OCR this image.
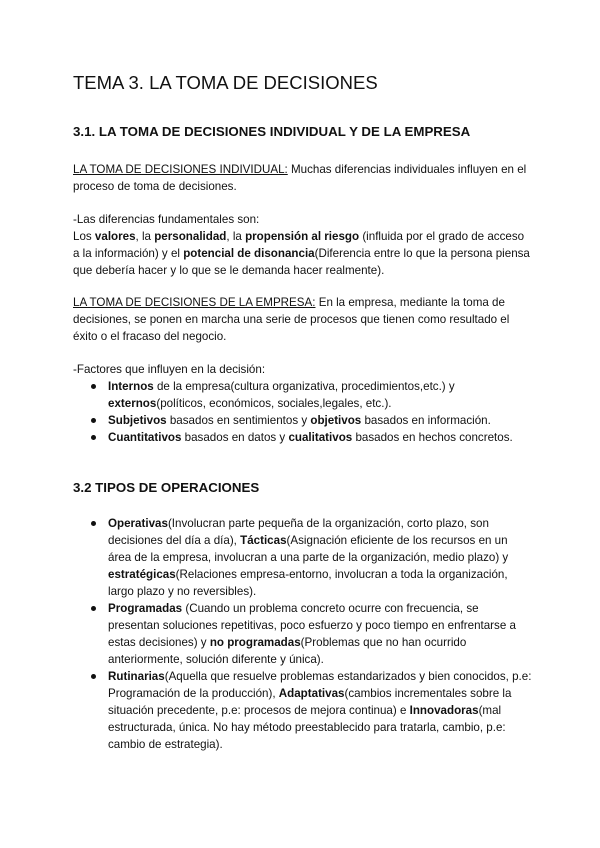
TEMA 3. LA TOMA DE DECISIONES
3.1. LA TOMA DE DECISIONES INDIVIDUAL Y DE LA EMPRESA

LA TOMA DE DECISIONES INDIVIDUAL: Muchas diferencias individuales influyen en el proceso de toma de decisiones.

-Las diferencias fundamentales son:

Los valores, la personalidad, la propensión al riesgo (influida por el grado de acceso a la información) y el potencial de disonancia(Diferencia entre lo que la persona piensa que debería hacer y lo que se le demanda hacer realmente).

LA TOMA DE DECISIONES DE LA EMPRESA: En la empresa, mediante la toma de decisiones, se ponen en marcha una serie de procesos que tienen como resultado el éxito o el fracaso del negocio.

-Factores que influyen en la decisión:

Internos de la empresa(cultura organizativa, procedimientos,etc.) y externos(políticos, económicos, sociales,legales, etc.).
Subjetivos basados en sentimientos y objetivos basados en información.
Cuantitativos basados en datos y cualitativos basados en hechos concretos.
3.2 TIPOS DE OPERACIONES
Operativas(Involucran parte pequeña de la organización, corto plazo, son decisiones del día a día), Tácticas(Asignación eficiente de los recursos en un área de la empresa, involucran a una parte de la organización, medio plazo) y estratégicas(Relaciones empresa-entorno, involucran a toda la organización, largo plazo y no reversibles).
Programadas (Cuando un problema concreto ocurre con frecuencia, se presentan soluciones repetitivas, poco esfuerzo y poco tiempo en enfrentarse a estas decisiones) y no programadas(Problemas que no han ocurrido anteriormente, solución diferente y única).
Rutinarias(Aquella que resuelve problemas estandarizados y bien conocidos, p.e: Programación de la producción), Adaptativas(cambios incrementales sobre la situación precedente, p.e: procesos de mejora continua) e Innovadoras(mal estructurada, única. No hay método preestablecido para tratarla, cambio, p.e: cambio de estrategia).
